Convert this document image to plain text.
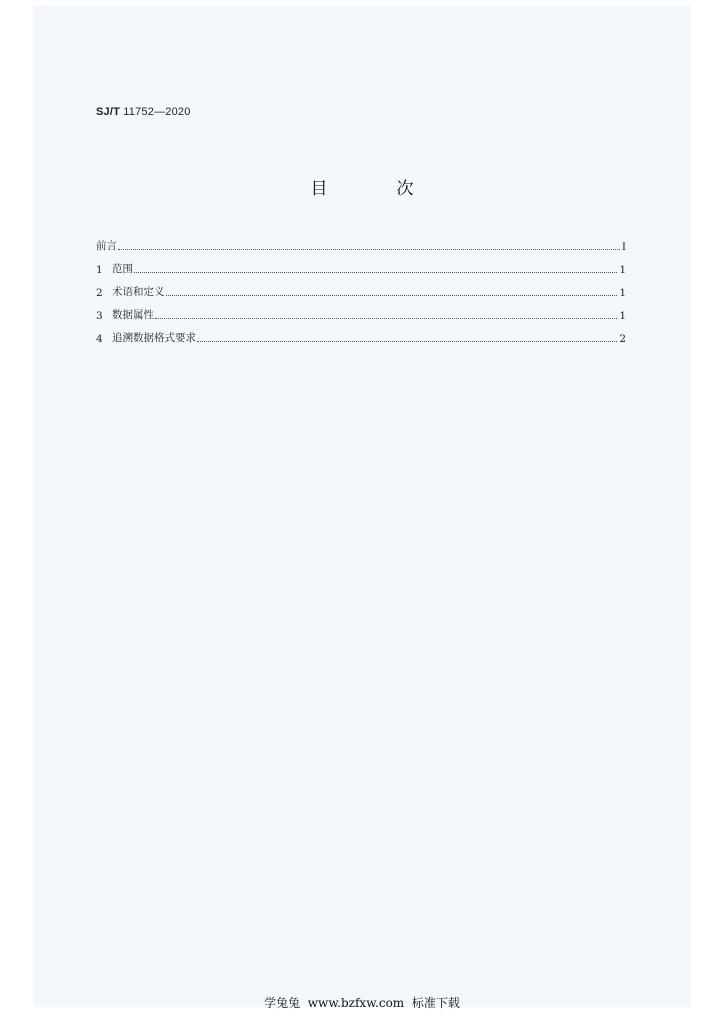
SJ/T 11752—2020
目　次
前言	I
1 范围	1
2 术语和定义	1
3 数据属性	1
4 追溯数据格式要求	2
学兔兔  www.bzfxw.com  标准下载
